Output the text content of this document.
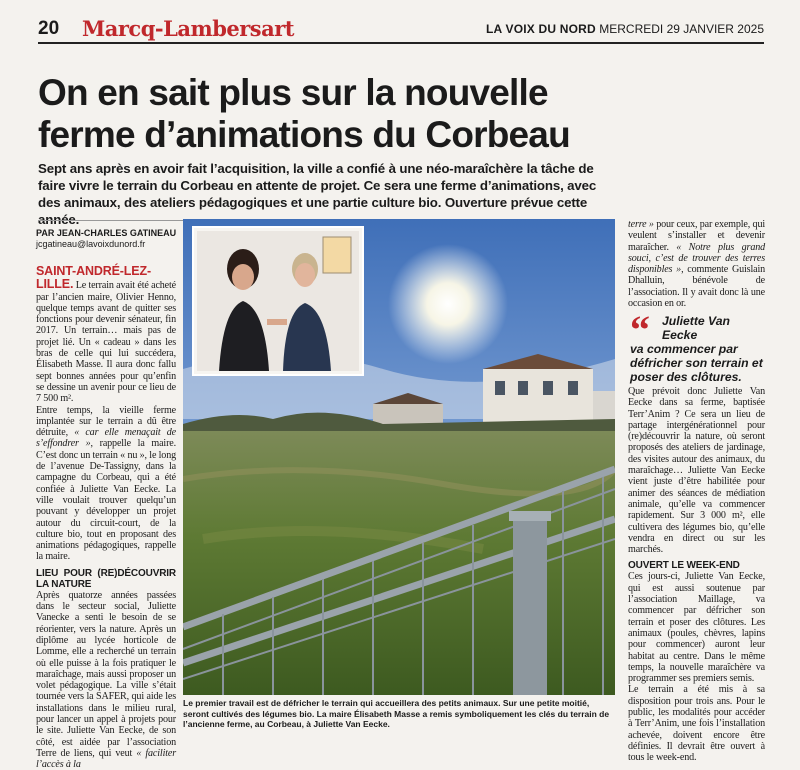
20 Marcq-Lambersart	LA VOIX DU NORD MERCREDI 29 JANVIER 2025
On en sait plus sur la nouvelle ferme d’animations du Corbeau

Sept ans après en avoir fait l’acquisition, la ville a confié à une néo-maraîchère la tâche de faire vivre le terrain du Corbeau en attente de projet. Ce sera une ferme d’animations, avec des animaux, des ateliers pédagogiques et une partie culture bio. Ouverture prévue cette année.

PAR JEAN-CHARLES GATINEAU
jcgatineau@lavoixdunord.fr

SAINT-ANDRÉ-LEZ-LILLE. Le terrain avait été acheté par l’ancien maire, Olivier Henno, quelque temps avant de quitter ses fonctions pour devenir sénateur, fin 2017. Un terrain… mais pas de projet lié. Un « cadeau » dans les bras de celle qui lui succédera, Élisabeth Masse. Il aura donc fallu sept bonnes années pour qu’enfin se dessine un avenir pour ce lieu de 7 500 m².

Entre temps, la vieille ferme implantée sur le terrain a dû être détruite, « car elle menaçait de s’effondrer », rappelle la maire. C’est donc un terrain « nu », le long de l’avenue De-Tassigny, dans la campagne du Corbeau, qui a été confiée à Juliette Van Eecke. La ville voulait trouver quelqu’un pouvant y développer un projet autour du circuit-court, de la culture bio, tout en proposant des animations pédagogiques, rappelle la maire.

LIEU POUR (RE)DÉCOUVRIR LA NATURE

Après quatorze années passées dans le secteur social, Juliette Vanecke a senti le besoin de se réorienter, vers la nature. Après un diplôme au lycée horticole de Lomme, elle a recherché un terrain où elle puisse à la fois pratiquer le maraîchage, mais aussi proposer un volet pédagogique. La ville s’était tournée vers la SAFER, qui aide les installations dans le milieu rural, pour lancer un appel à projets pour le site. Juliette Van Eecke, de son côté, est aidée par l’association Terre de liens, qui veut « faciliter l’accès à la

Le premier travail est de défricher le terrain qui accueillera des petits animaux. Sur une petite moitié, seront cultivés des légumes bio. La maire Élisabeth Masse a remis symboliquement les clés du terrain de l’ancienne ferme, au Corbeau, à Juliette Van Eecke.

terre » pour ceux, par exemple, qui veulent s’installer et devenir maraîcher. « Notre plus grand souci, c’est de trouver des terres disponibles », commente Guislain Dhalluin, bénévole de l’association. Il y avait donc là une occasion en or.

“ Juliette Van Eecke

va commencer par défricher son terrain et poser des clôtures.

Que prévoit donc Juliette Van Eecke dans sa ferme, baptisée Terr’Anim ? Ce sera un lieu de partage intergénérationnel pour (re)découvrir la nature, où seront proposés des ateliers de jardinage, des visites autour des animaux, du maraîchage… Juliette Van Eecke vient juste d’être habilitée pour animer des séances de médiation animale, qu’elle va commencer rapidement. Sur 3 000 m², elle cultivera des légumes bio, qu’elle vendra en direct ou sur les marchés.

OUVERT LE WEEK-END

Ces jours-ci, Juliette Van Eecke, qui est aussi soutenue par l’association Maillage, va commencer par défricher son terrain et poser des clôtures. Les animaux (poules, chèvres, lapins pour commencer) auront leur habitat au centre. Dans le même temps, la nouvelle maraîchère va programmer ses premiers semis.

Le terrain a été mis à sa disposition pour trois ans. Pour le public, les modalités pour accéder à Terr’Anim, une fois l’installation achevée, doivent encore être définies. Il devrait être ouvert à tous le week-end.
